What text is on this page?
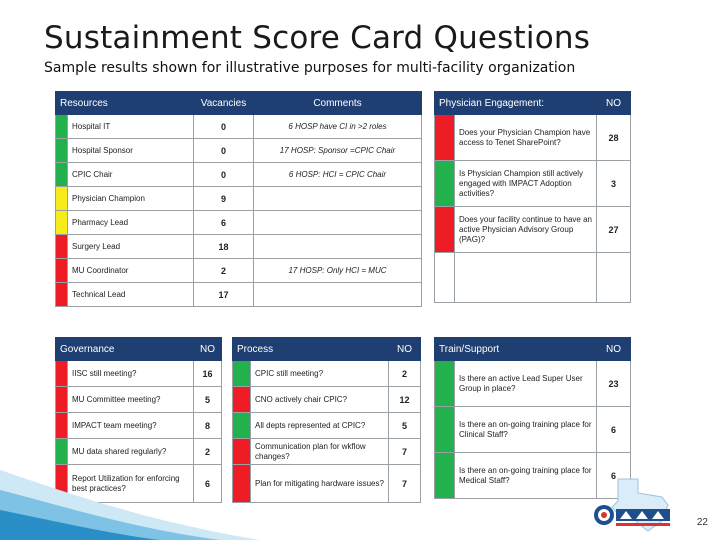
Sustainment Score Card Questions
Sample results shown for illustrative purposes for multi-facility organization
Resources		Vacancies	Comments
	Hospital IT	0	6 HOSP have CI in >2 roles
	Hospital Sponsor	0	17 HOSP: Sponsor =CPIC Chair
	CPIC Chair	0	6 HOSP: HCI = CPIC Chair
	Physician Champion	9	
	Pharmacy Lead	6	
	Surgery Lead	18	
	MU Coordinator	2	17 HOSP: Only HCI = MUC
	Technical Lead	17	
Physician Engagement:		NO
	Does your Physician Champion have access to Tenet SharePoint?	28
	Is Physician Champion still actively engaged with IMPACT Adoption activities?	3
	Does your facility continue to have an active Physician Advisory Group (PAG)?	27

Governance		NO
	IISC still meeting?	16
	MU Committee meeting?	5
	IMPACT team meeting?	8
	MU data shared regularly?	2
	Report Utilization for enforcing best practices?	6
Process		NO
	CPIC still meeting?	2
	CNO actively chair CPIC?	12
	All depts represented at CPIC?	5
	Communication plan for wkflow changes?	7
	Plan for mitigating hardware issues?	7
Train/Support		NO
	Is there an active Lead Super User Group in place?	23
	Is there an on-going training place for Clinical Staff?	6
	Is there an on-going training place for Medical Staff?	6
22
